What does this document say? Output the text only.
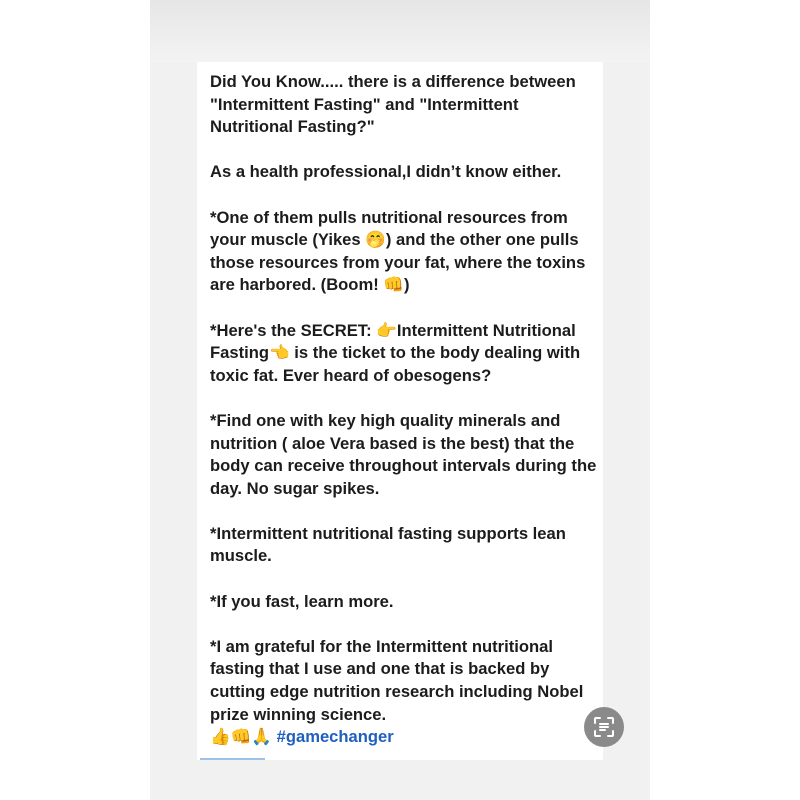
Did You Know..... there is a difference between
"Intermittent Fasting" and "Intermittent
Nutritional Fasting?"
As a health professional,I didn’t know either.
*One of them pulls nutritional resources from
your muscle (Yikes 🤭) and the other one pulls
those resources from your fat, where the toxins
are harbored. (Boom! 👊)
*Here's the SECRET: 👉Intermittent Nutritional
Fasting👈 is the ticket to the body dealing with
toxic fat. Ever heard of obesogens?
*Find one with key high quality minerals and
nutrition ( aloe Vera based is the best) that the
body can receive throughout intervals during the
day. No sugar spikes.
*Intermittent nutritional fasting supports lean
muscle.
*If you fast, learn more.
*I am grateful for the Intermittent nutritional
fasting that I use and one that is backed by
cutting edge nutrition research including Nobel
prize winning science.
👍👊🙏 #gamechanger
